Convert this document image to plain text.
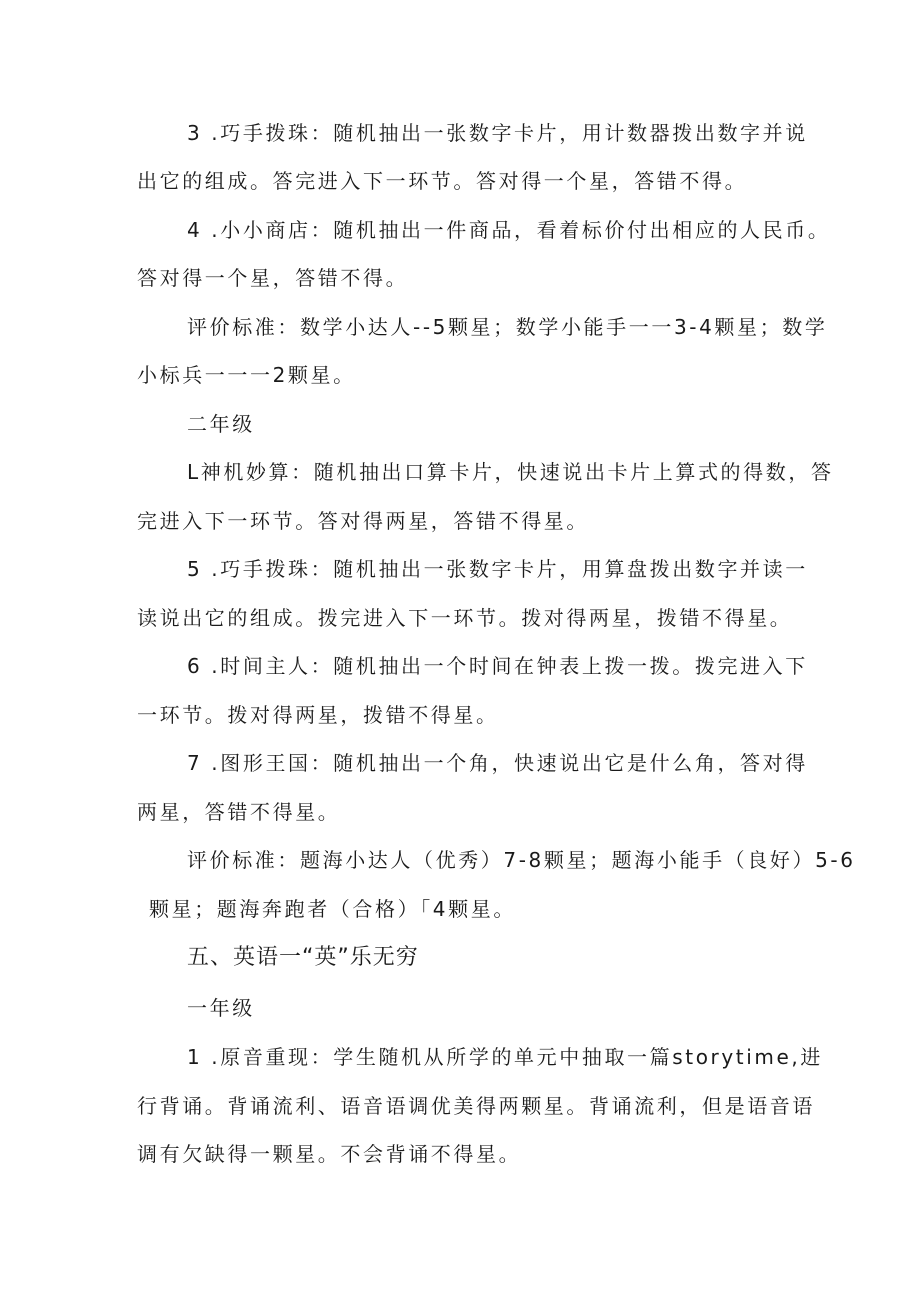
3 .巧手拨珠：随机抽出一张数字卡片，用计数器拨出数字并说
出它的组成。答完进入下一环节。答对得一个星，答错不得。
4 .小小商店：随机抽出一件商品，看着标价付出相应的人民币。
答对得一个星，答错不得。
评价标准：数学小达人--5颗星；数学小能手一一3-4颗星；数学
小标兵一一一2颗星。
二年级
L神机妙算：随机抽出口算卡片，快速说出卡片上算式的得数，答
完进入下一环节。答对得两星，答错不得星。
5 .巧手拨珠：随机抽出一张数字卡片，用算盘拨出数字并读一
读说出它的组成。拨完进入下一环节。拨对得两星，拨错不得星。
6 .时间主人：随机抽出一个时间在钟表上拨一拨。拨完进入下
一环节。拨对得两星，拨错不得星。
7 .图形王国：随机抽出一个角，快速说出它是什么角，答对得
两星，答错不得星。
评价标准：题海小达人（优秀）7-8颗星；题海小能手（良好）5-6
颗星；题海奔跑者（合格）「4颗星。
五、英语一“英”乐无穷
一年级
1 .原音重现：学生随机从所学的单元中抽取一篇storytime,进
行背诵。背诵流利、语音语调优美得两颗星。背诵流利，但是语音语
调有欠缺得一颗星。不会背诵不得星。
